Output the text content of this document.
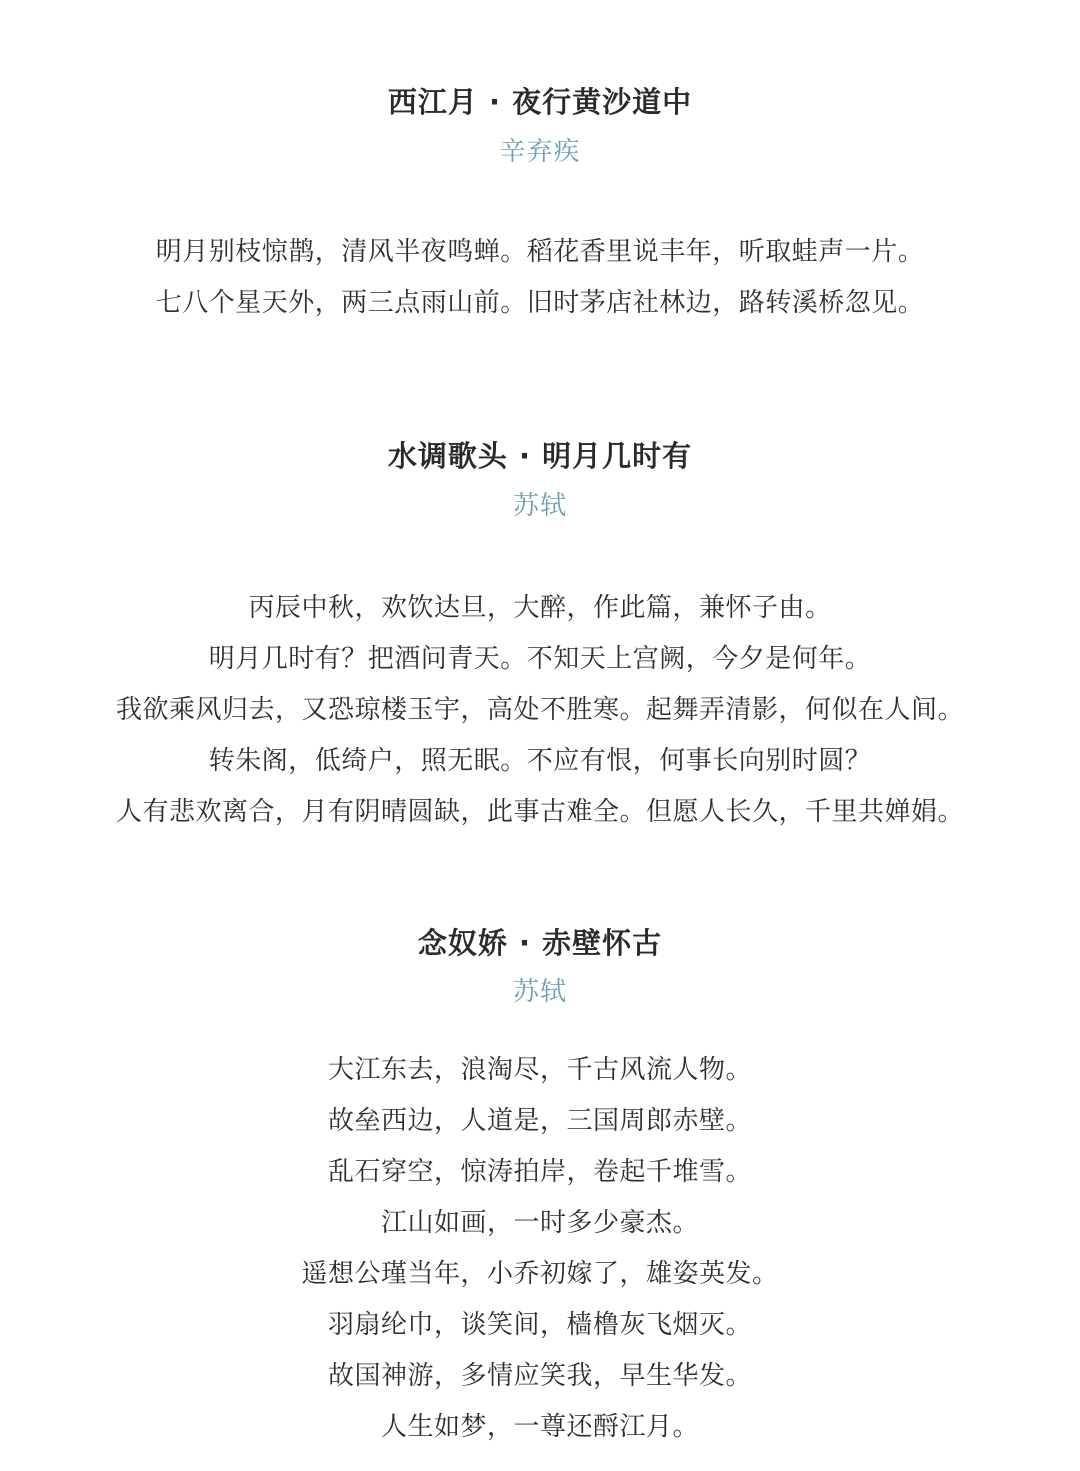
西江月 · 夜行黄沙道中
辛弃疾
明月别枝惊鹊，清风半夜鸣蝉。稻花香里说丰年，听取蛙声一片。
七八个星天外，两三点雨山前。旧时茅店社林边，路转溪桥忽见。
水调歌头 · 明月几时有
苏轼
丙辰中秋，欢饮达旦，大醉，作此篇，兼怀子由。
明月几时有？把酒问青天。不知天上宫阙，今夕是何年。
我欲乘风归去，又恐琼楼玉宇，高处不胜寒。起舞弄清影，何似在人间。
转朱阁，低绮户，照无眠。不应有恨，何事长向别时圆？
人有悲欢离合，月有阴晴圆缺，此事古难全。但愿人长久，千里共婵娟。
念奴娇 · 赤壁怀古
苏轼
大江东去，浪淘尽，千古风流人物。
故垒西边，人道是，三国周郎赤壁。
乱石穿空，惊涛拍岸，卷起千堆雪。
江山如画，一时多少豪杰。
遥想公瑾当年，小乔初嫁了，雄姿英发。
羽扇纶巾，谈笑间，樯橹灰飞烟灭。
故国神游，多情应笑我，早生华发。
人生如梦，一尊还酹江月。
